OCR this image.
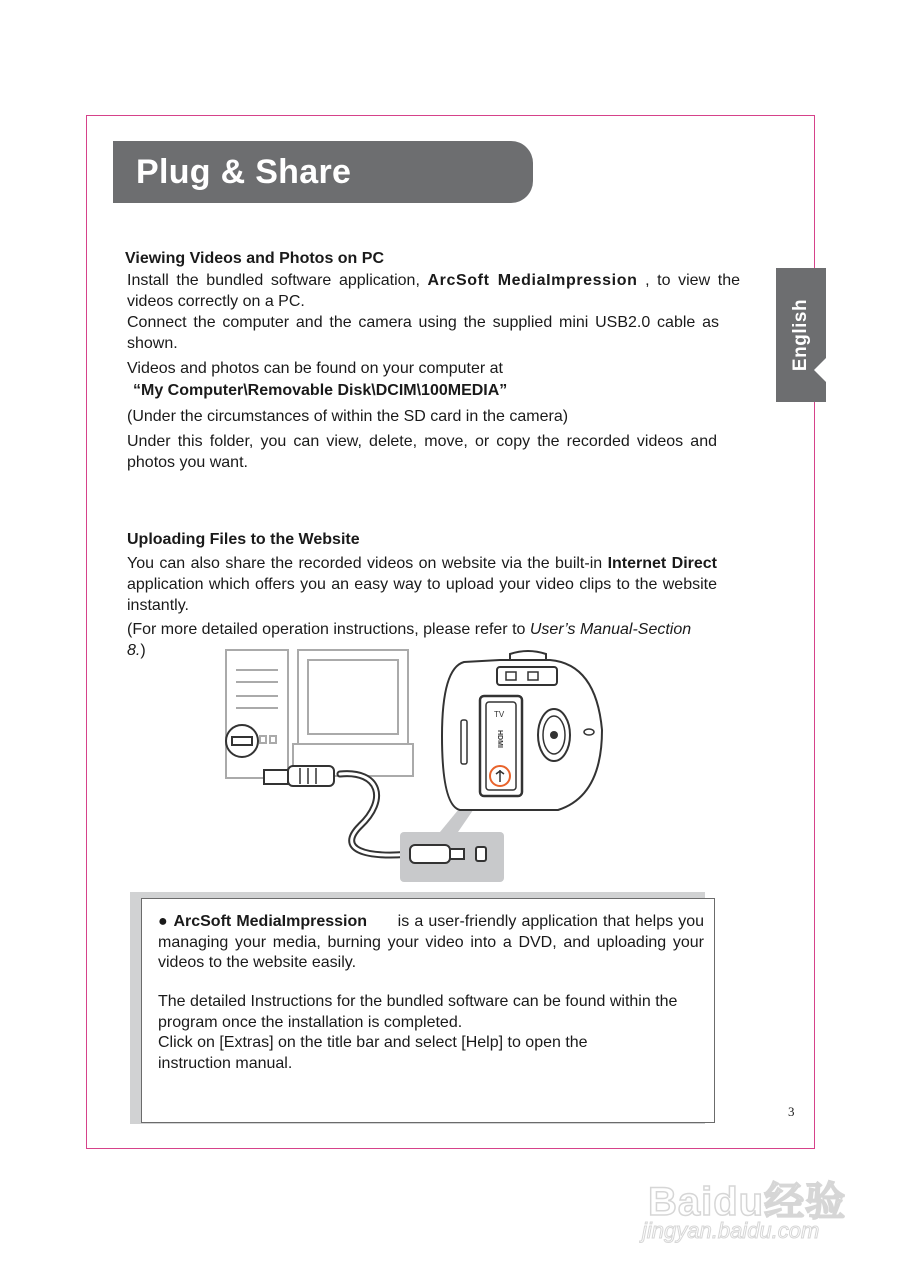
Plug & Share
English

Viewing Videos and Photos on PC

Install the bundled software application, ArcSoft MediaImpression , to view the videos correctly on a PC.

Connect the computer and the camera using the supplied mini USB2.0 cable as shown.

Videos and photos can be found on your computer at

“My Computer\Removable Disk\DCIM\100MEDIA”

(Under the circumstances of within the SD card in the camera)

Under this folder, you can view, delete, move, or copy the recorded videos and photos you want.

Uploading Files to the Website

You can also share the recorded videos on website via the built-in Internet Direct application which offers you an easy way to upload your video clips to the website instantly.

(For more detailed operation instructions, please refer to User’s Manual-Section 8.)

TV
HDMI

● ArcSoft MediaImpression is a user-friendly application that helps you managing your media, burning your video into a DVD, and uploading your videos to the website easily.

The detailed Instructions for the bundled software can be found within the program once the installation is completed.

Click on [Extras] on the title bar and select [Help] to open the instruction manual.

3
Baidu经验
jingyan.baidu.com
